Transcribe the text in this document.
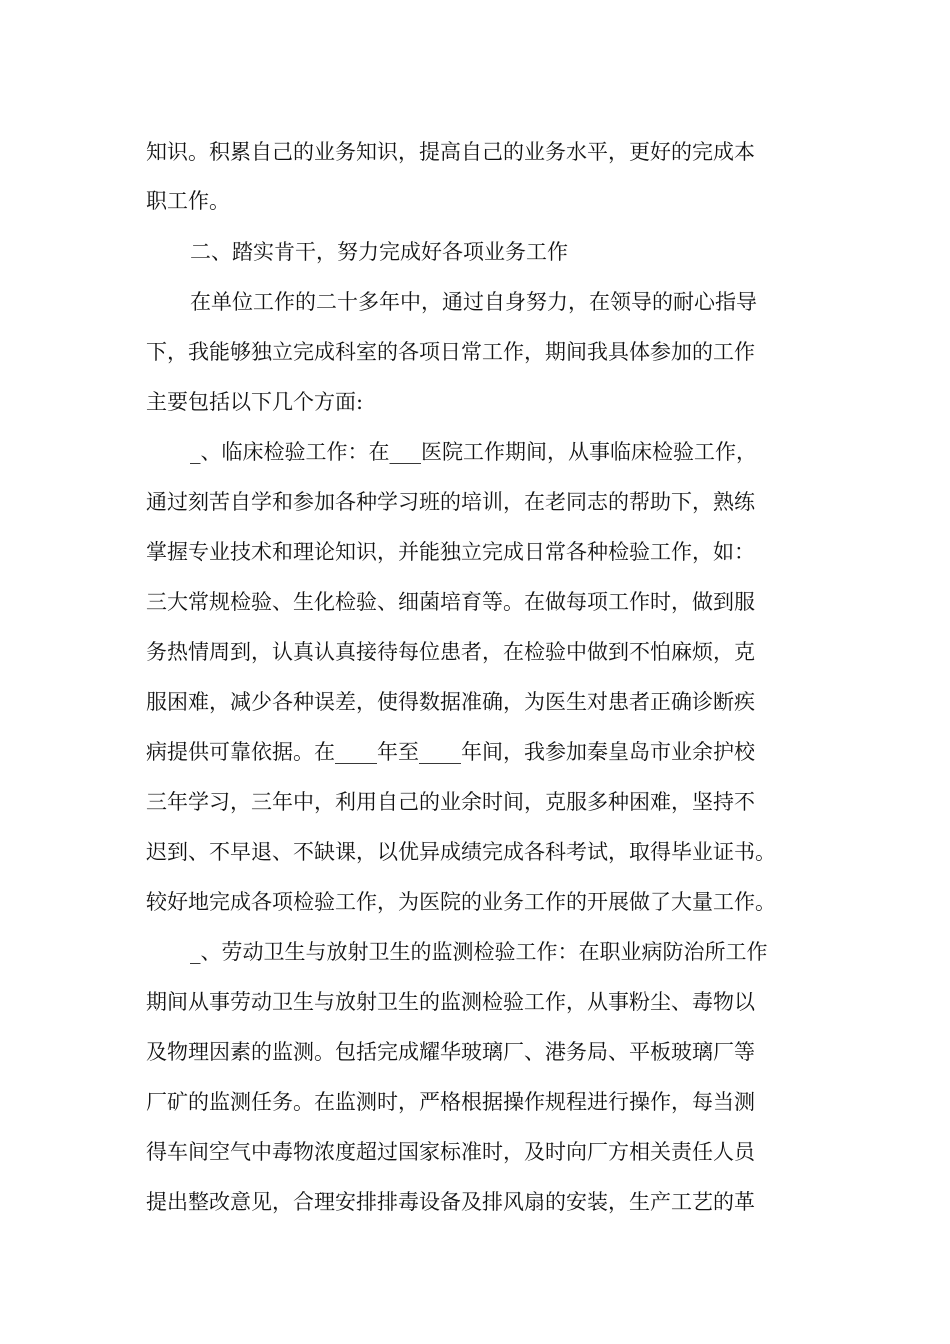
知识。积累自己的业务知识，提高自己的业务水平，更好的完成本
职工作。
二、踏实肯干，努力完成好各项业务工作
在单位工作的二十多年中，通过自身努力，在领导的耐心指导
下，我能够独立完成科室的各项日常工作，期间我具体参加的工作
主要包括以下几个方面:
_、临床检验工作：在___医院工作期间，从事临床检验工作，
通过刻苦自学和参加各种学习班的培训，在老同志的帮助下，熟练
掌握专业技术和理论知识，并能独立完成日常各种检验工作，如：
三大常规检验、生化检验、细菌培育等。在做每项工作时，做到服
务热情周到，认真认真接待每位患者，在检验中做到不怕麻烦，克
服困难，减少各种误差，使得数据准确，为医生对患者正确诊断疾
病提供可靠依据。在____年至____年间，我参加秦皇岛市业余护校
三年学习，三年中，利用自己的业余时间，克服多种困难，坚持不
迟到、不早退、不缺课，以优异成绩完成各科考试，取得毕业证书。
较好地完成各项检验工作，为医院的业务工作的开展做了大量工作。
_、劳动卫生与放射卫生的监测检验工作：在职业病防治所工作
期间从事劳动卫生与放射卫生的监测检验工作，从事粉尘、毒物以
及物理因素的监测。包括完成耀华玻璃厂、港务局、平板玻璃厂等
厂矿的监测任务。在监测时，严格根据操作规程进行操作，每当测
得车间空气中毒物浓度超过国家标准时，及时向厂方相关责任人员
提出整改意见，合理安排排毒设备及排风扇的安装，生产工艺的革
